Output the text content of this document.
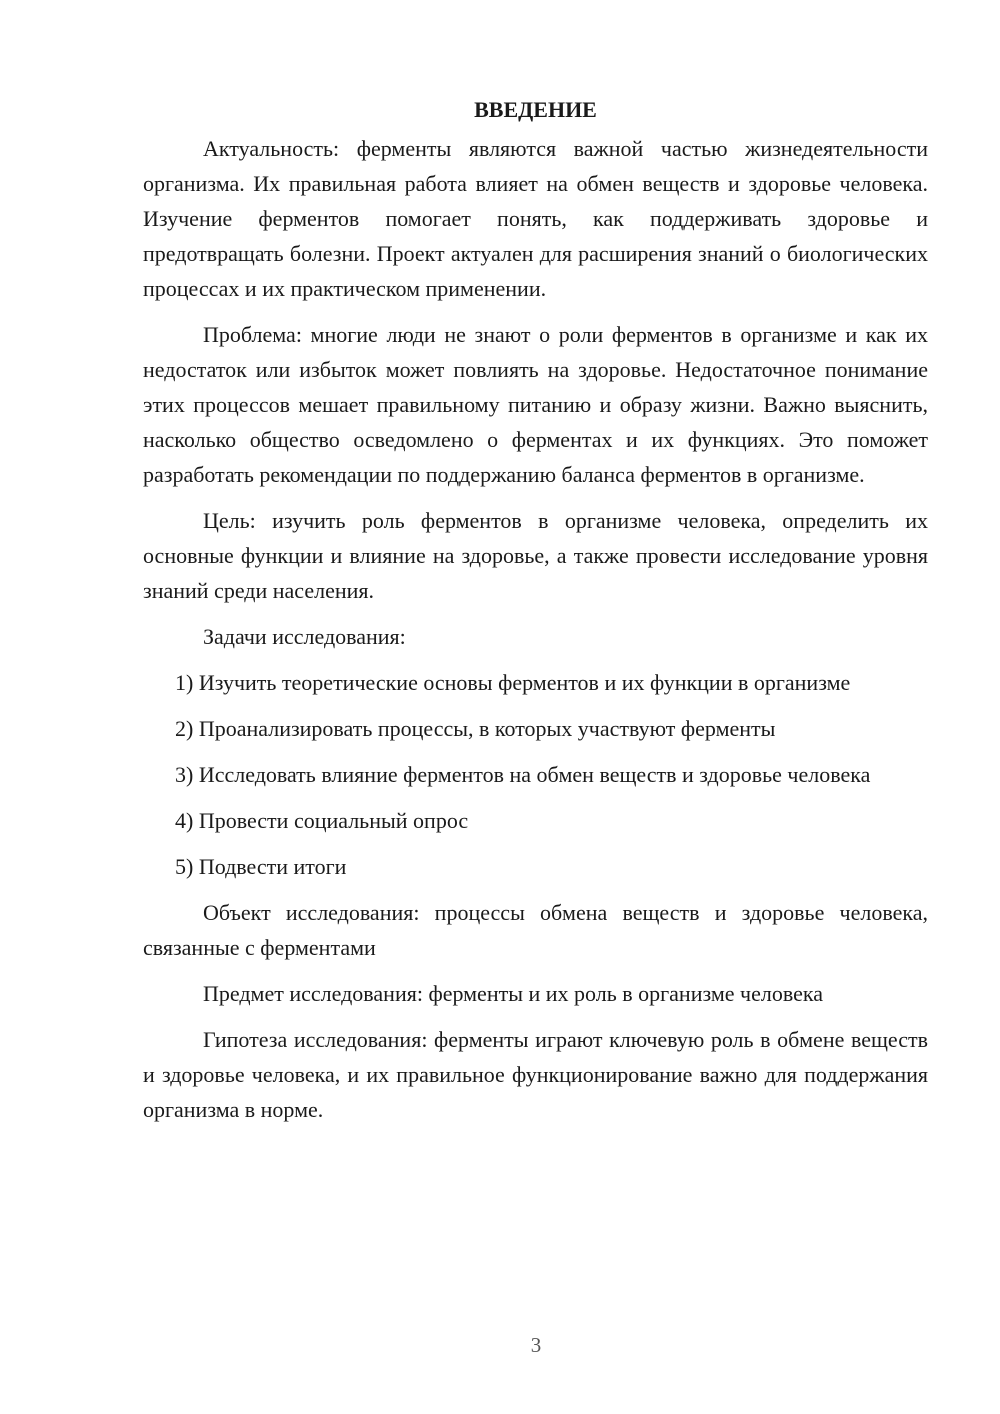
ВВЕДЕНИЕ

Актуальность: ферменты являются важной частью жизнедеятельности организма. Их правильная работа влияет на обмен веществ и здоровье человека. Изучение ферментов помогает понять, как поддерживать здоровье и предотвращать болезни. Проект актуален для расширения знаний о биологических процессах и их практическом применении.

Проблема: многие люди не знают о роли ферментов в организме и как их недостаток или избыток может повлиять на здоровье. Недостаточное понимание этих процессов мешает правильному питанию и образу жизни. Важно выяснить, насколько общество осведомлено о ферментах и их функциях. Это поможет разработать рекомендации по поддержанию баланса ферментов в организме.

Цель: изучить роль ферментов в организме человека, определить их основные функции и влияние на здоровье, а также провести исследование уровня знаний среди населения.

Задачи исследования:

1) Изучить теоретические основы ферментов и их функции в организме

2) Проанализировать процессы, в которых участвуют ферменты

3) Исследовать влияние ферментов на обмен веществ и здоровье человека

4) Провести социальный опрос

5) Подвести итоги

Объект исследования: процессы обмена веществ и здоровье человека, связанные с ферментами

Предмет исследования: ферменты и их роль в организме человека

Гипотеза исследования: ферменты играют ключевую роль в обмене веществ и здоровье человека, и их правильное функционирование важно для поддержания организма в норме.

3
